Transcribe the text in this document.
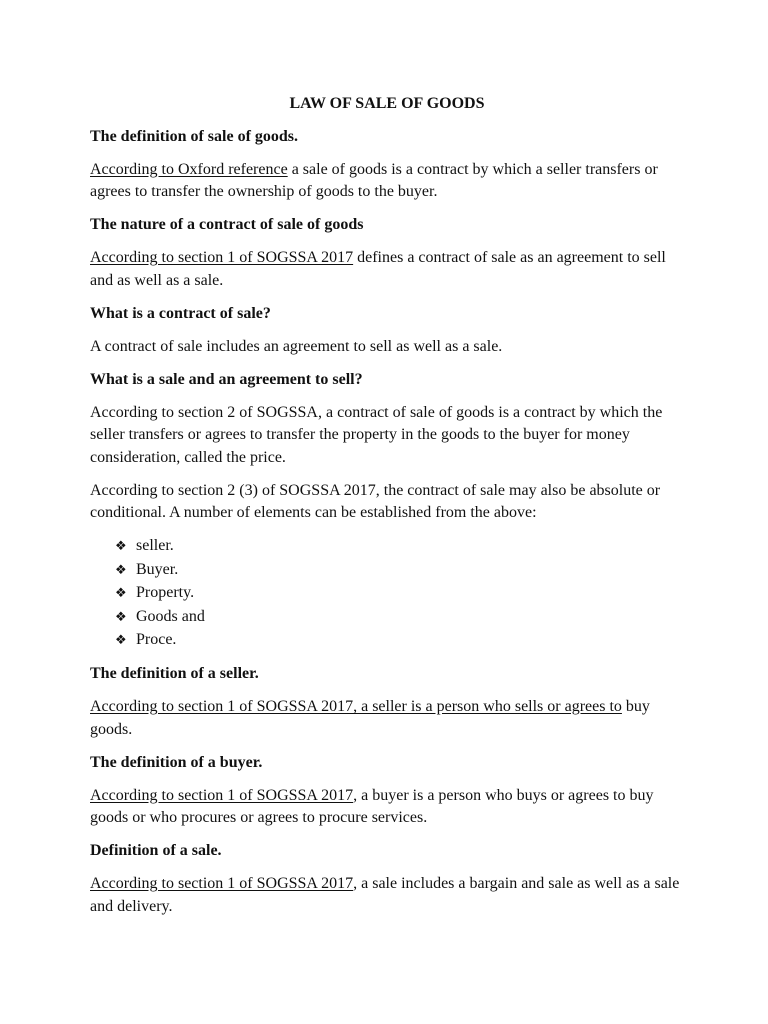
LAW OF SALE OF GOODS
The definition of sale of goods.
According to Oxford reference a sale of goods is a contract by which a seller transfers or agrees to transfer the ownership of goods to the buyer.
The nature of a contract of sale of goods
According to section 1 of SOGSSA 2017 defines a contract of sale as an agreement to sell and as well as a sale.
What is a contract of sale?
A contract of sale includes an agreement to sell as well as a sale.
What is a sale and an agreement to sell?
According to section 2 of SOGSSA, a contract of sale of goods is a contract by which the seller transfers or agrees to transfer the property in the goods to the buyer for money consideration, called the price.
According to section 2 (3) of SOGSSA 2017, the contract of sale may also be absolute or conditional. A number of elements can be established from the above:
❖ seller.
❖ Buyer.
❖ Property.
❖ Goods and
❖ Proce.
The definition of a seller.
According to section 1 of SOGSSA 2017, a seller is a person who sells or agrees to buy goods.
The definition of a buyer.
According to section 1 of SOGSSA 2017, a buyer is a person who buys or agrees to buy goods or who procures or agrees to procure services.
Definition of a sale.
According to section 1 of SOGSSA 2017, a sale includes a bargain and sale as well as a sale and delivery.
